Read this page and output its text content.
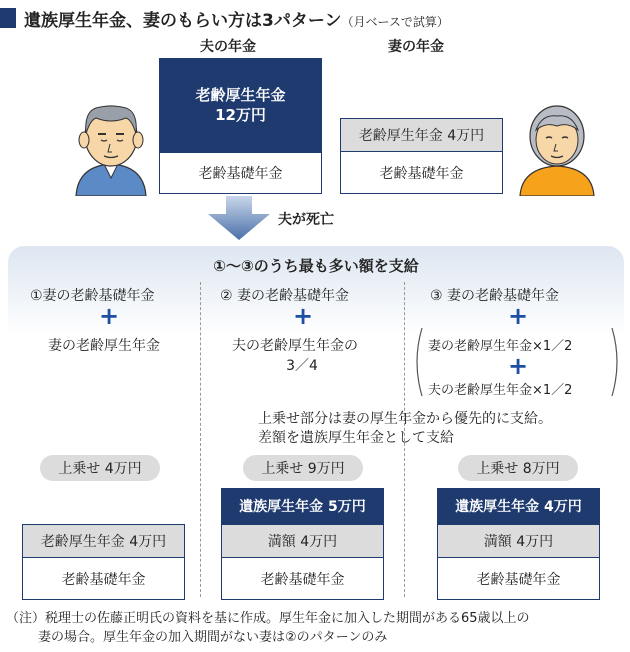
遺族厚生年金、妻のもらい方は3パターン（月ベースで試算）
夫の年金	妻の年金
老齢厚生年金
12万円
老齢基礎年金
老齢厚生年金 4万円
老齢基礎年金
夫が死亡
①～③のうち最も多い額を支給
①妻の老齢基礎年金
+
妻の老齢厚生年金
② 妻の老齢基礎年金
+
夫の老齢厚生年金の
3／4
③ 妻の老齢基礎年金
+
妻の老齢厚生年金×1／2
+
夫の老齢厚生年金×1／2
上乗せ部分は妻の厚生年金から優先的に支給。
差額を遺族厚生年金として支給
上乗せ 4万円	上乗せ 9万円	上乗せ 8万円
老齢厚生年金 4万円
老齢基礎年金
遺族厚生年金 5万円
満額 4万円
老齢基礎年金
遺族厚生年金 4万円
満額 4万円
老齢基礎年金
（注）税理士の佐藤正明氏の資料を基に作成。厚生年金に加入した期間がある65歳以上の
妻の場合。厚生年金の加入期間がない妻は②のパターンのみ
